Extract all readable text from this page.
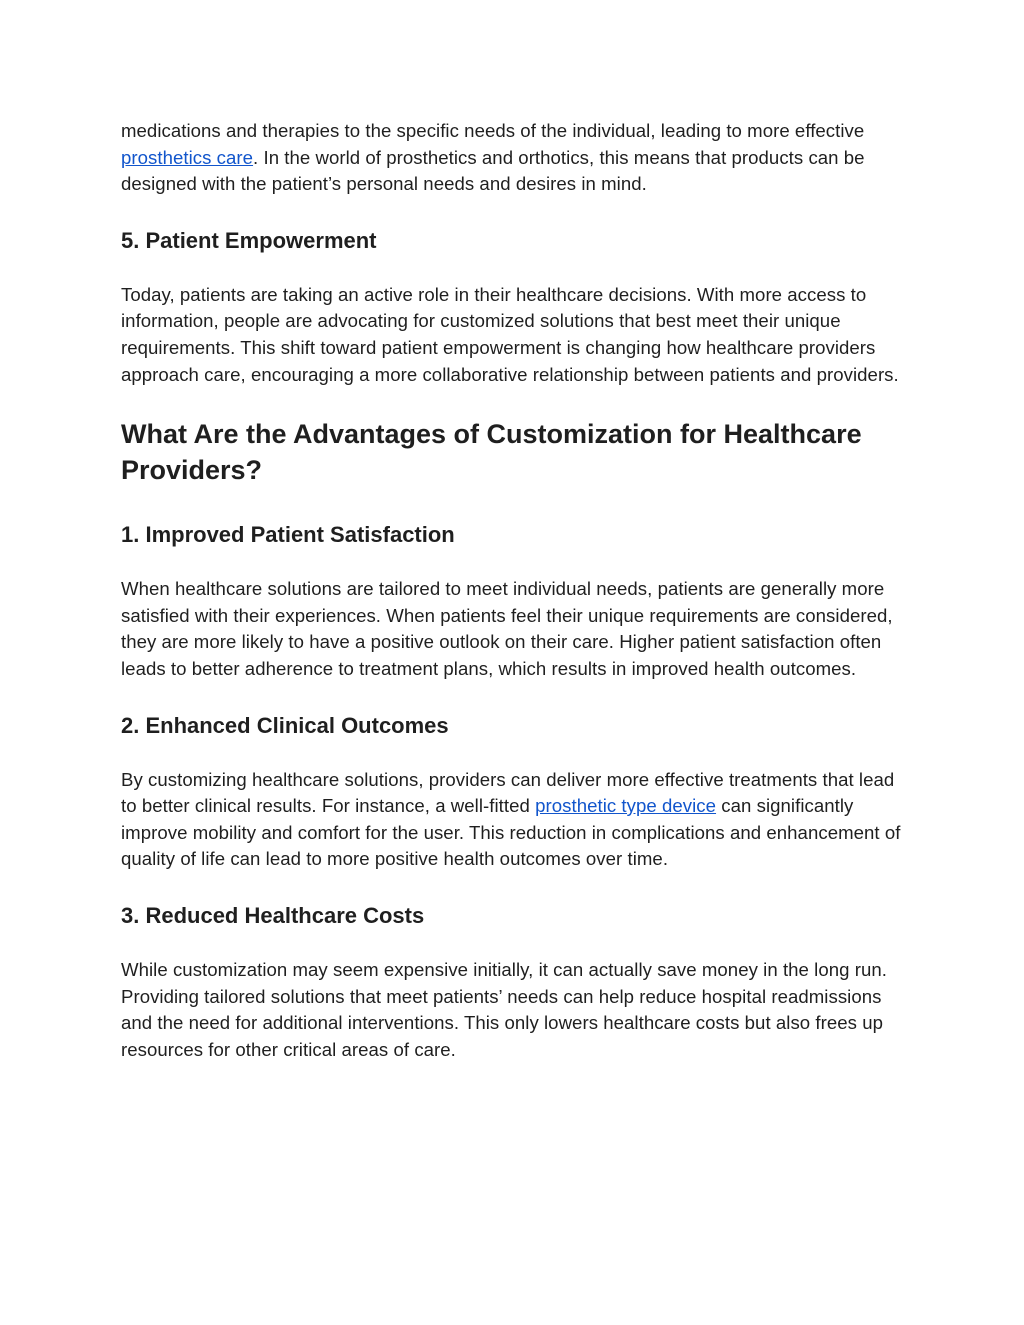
medications and therapies to the specific needs of the individual, leading to more effective prosthetics care. In the world of prosthetics and orthotics, this means that products can be designed with the patient’s personal needs and desires in mind.

5. Patient Empowerment

Today, patients are taking an active role in their healthcare decisions. With more access to information, people are advocating for customized solutions that best meet their unique requirements. This shift toward patient empowerment is changing how healthcare providers approach care, encouraging a more collaborative relationship between patients and providers.

What Are the Advantages of Customization for Healthcare Providers?
1. Improved Patient Satisfaction

When healthcare solutions are tailored to meet individual needs, patients are generally more satisfied with their experiences. When patients feel their unique requirements are considered, they are more likely to have a positive outlook on their care. Higher patient satisfaction often leads to better adherence to treatment plans, which results in improved health outcomes.

2. Enhanced Clinical Outcomes

By customizing healthcare solutions, providers can deliver more effective treatments that lead to better clinical results. For instance, a well-fitted prosthetic type device can significantly improve mobility and comfort for the user. This reduction in complications and enhancement of quality of life can lead to more positive health outcomes over time.

3. Reduced Healthcare Costs

While customization may seem expensive initially, it can actually save money in the long run. Providing tailored solutions that meet patients’ needs can help reduce hospital readmissions and the need for additional interventions. This only lowers healthcare costs but also frees up resources for other critical areas of care.
